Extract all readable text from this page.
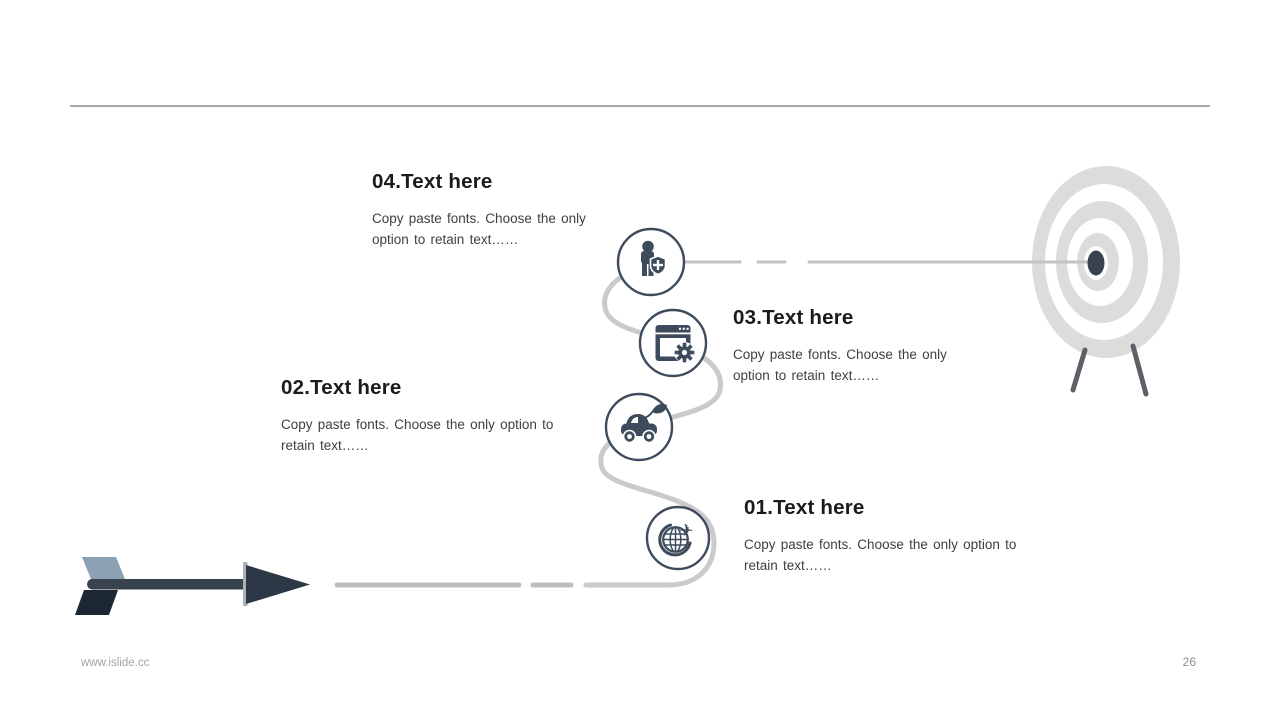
✈
04.Text here

Copy paste fonts. Choose the only option to retain text……

03.Text here

Copy paste fonts. Choose the only option to retain text……

02.Text here

Copy paste fonts. Choose the only option to retain text……

01.Text here

Copy paste fonts. Choose the only option to retain text……

www.islide.cc	26
